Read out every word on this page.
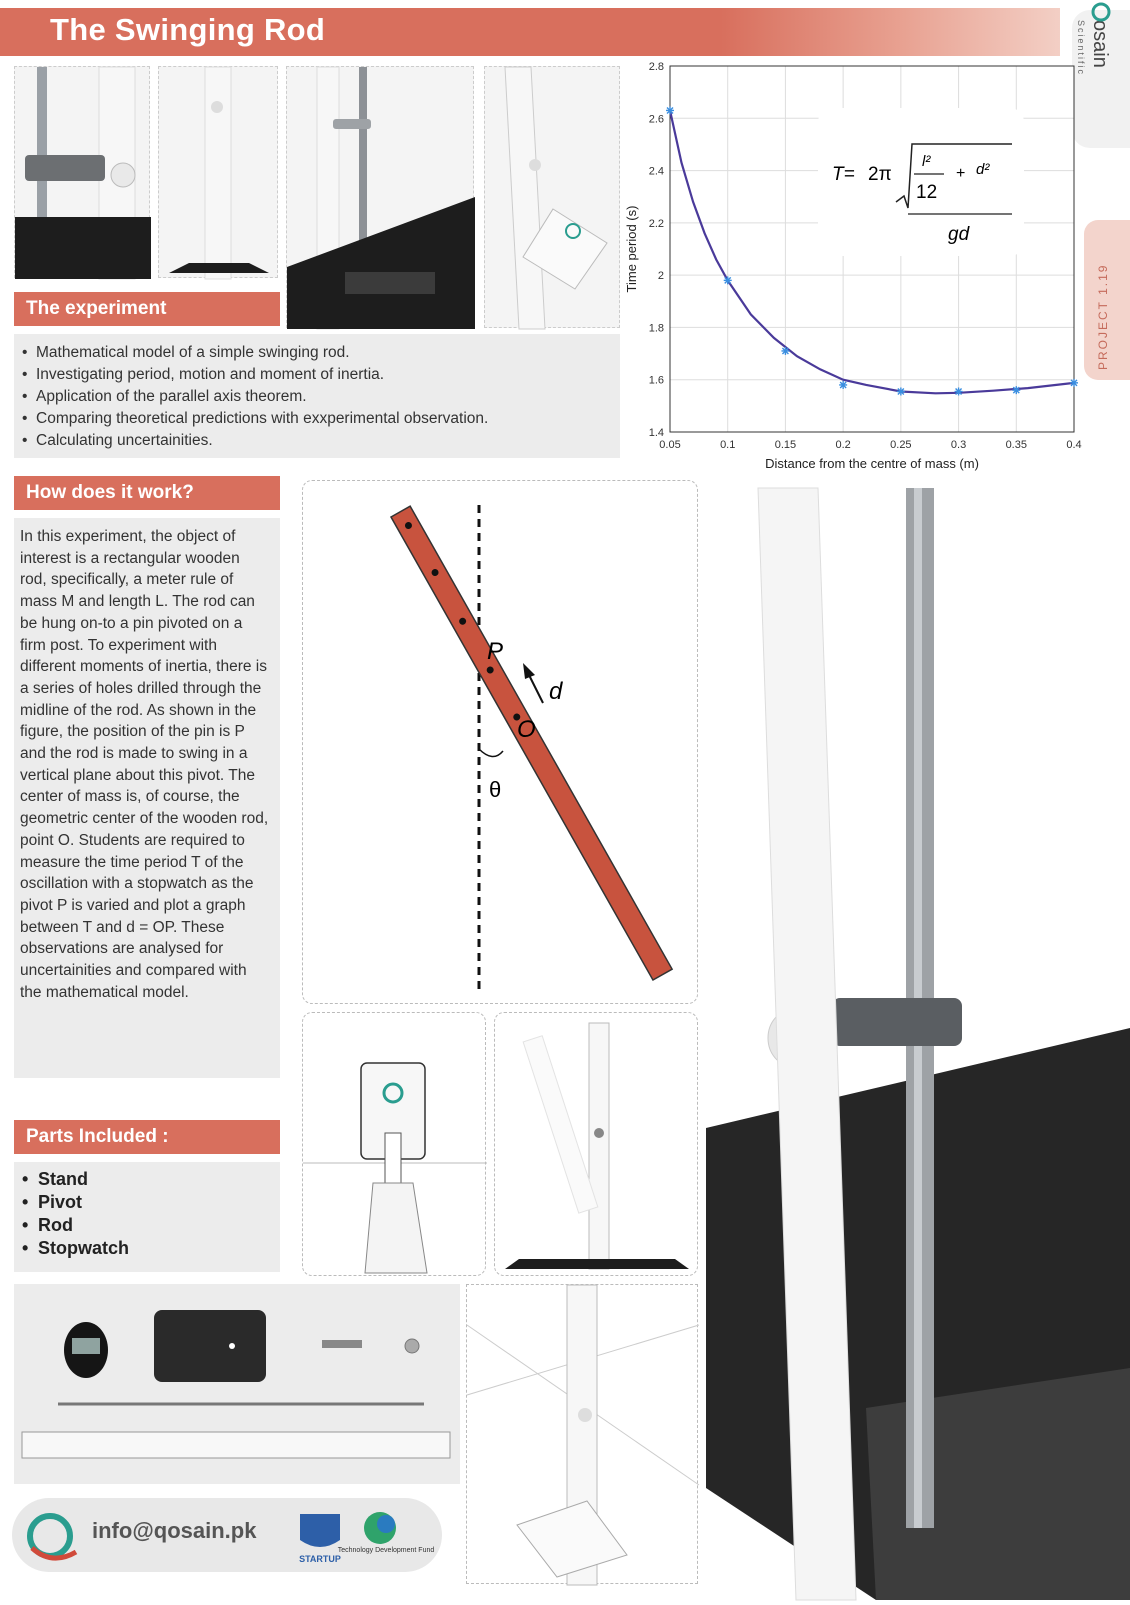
The Swinging Rod	osain
Scientific
PROJECT 1.19
The experiment
• Mathematical model of a simple swinging rod.
• Investigating period, motion and moment of inertia.
• Application of the parallel axis theorem.
• Comparing theoretical predictions with exxperimental observation.
• Calculating uncertainities.	0.05	0.1	0.15	0.2	0.25	0.3	0.35	0.4
1.4
1.6
1.8
2
2.2
2.4
2.6
2.8
Distance from the centre of mass (m)
Time period (s)
T= 2π
l²
12
+ d²
gd
How does it work?
In this experiment, the object of interest is a rectangular wooden rod, specifically, a meter rule of mass M and length L. The rod can be hung on-to a pin pivoted on a firm post. To experiment with different moments of inertia, there is a series of holes drilled through the midline of the rod. As shown in the figure, the position of the pin is P and the rod is made to swing in a vertical plane about this pivot. The center of mass is, of course, the geometric center of the wooden rod, point O. Students are required to measure the time period T of the oscillation with a stopwatch as the pivot P is varied and plot a graph between T and d = OP. These observations are analysed for uncertainities and compared with the mathematical model.
P
O
d
θ
Parts Included :
• Stand
• Pivot
• Rod
• Stopwatch
info@qosain.pk
STARTUP
Technology Development Fund
